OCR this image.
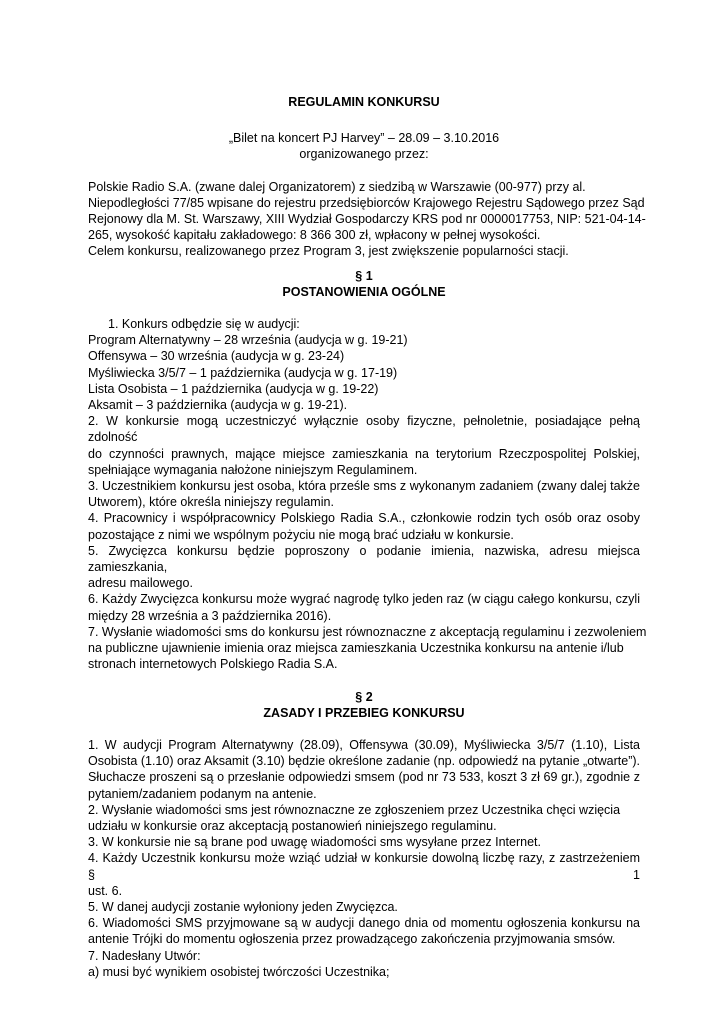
REGULAMIN KONKURSU
„Bilet na koncert PJ Harvey” – 28.09 – 3.10.2016
organizowanego przez:
Polskie Radio S.A. (zwane dalej Organizatorem) z siedzibą w Warszawie (00-977) przy al.
Niepodległości 77/85 wpisane do rejestru przedsiębiorców Krajowego Rejestru Sądowego przez Sąd
Rejonowy dla M. St. Warszawy, XIII Wydział Gospodarczy KRS pod nr 0000017753, NIP: 521-04-14-
265, wysokość kapitału zakładowego: 8 366 300 zł, wpłacony w pełnej wysokości.
Celem konkursu, realizowanego przez Program 3, jest zwiększenie popularności stacji.
§ 1
POSTANOWIENIA OGÓLNE
1. Konkurs odbędzie się w audycji:
Program Alternatywny – 28 września (audycja w g. 19-21)
Offensywa – 30 września (audycja w g. 23-24)
Myśliwiecka 3/5/7 – 1 października (audycja w g. 17-19)
Lista Osobista – 1 października (audycja w g. 19-22)
Aksamit – 3 października (audycja w g. 19-21).
2. W konkursie mogą uczestniczyć wyłącznie osoby fizyczne, pełnoletnie, posiadające pełną zdolność
do czynności prawnych, mające miejsce zamieszkania na terytorium Rzeczpospolitej Polskiej,
spełniające wymagania nałożone niniejszym Regulaminem.
3. Uczestnikiem konkursu jest osoba, która prześle sms z wykonanym zadaniem (zwany dalej także
Utworem), które określa niniejszy regulamin.
4. Pracownicy i współpracownicy Polskiego Radia S.A., członkowie rodzin tych osób oraz osoby
pozostające z nimi we wspólnym pożyciu nie mogą brać udziału w konkursie.
5. Zwycięzca konkursu będzie poproszony o podanie imienia, nazwiska, adresu miejsca zamieszkania,
adresu mailowego.
6. Każdy Zwycięzca konkursu może wygrać nagrodę tylko jeden raz (w ciągu całego konkursu, czyli
między 28 września a 3 października 2016).
7. Wysłanie wiadomości sms do konkursu jest równoznaczne z akceptacją regulaminu i zezwoleniem
na publiczne ujawnienie imienia oraz miejsca zamieszkania Uczestnika konkursu na antenie i/lub
stronach internetowych Polskiego Radia S.A.
§ 2
ZASADY I PRZEBIEG KONKURSU
1. W audycji Program Alternatywny (28.09), Offensywa (30.09), Myśliwiecka 3/5/7 (1.10), Lista
Osobista (1.10) oraz Aksamit (3.10) będzie określone zadanie (np. odpowiedź na pytanie „otwarte”).
Słuchacze proszeni są o przesłanie odpowiedzi smsem (pod nr 73 533, koszt 3 zł 69 gr.), zgodnie z
pytaniem/zadaniem podanym na antenie.
2. Wysłanie wiadomości sms jest równoznaczne ze zgłoszeniem przez Uczestnika chęci wzięcia
udziału w konkursie oraz akceptacją postanowień niniejszego regulaminu.
3. W konkursie nie są brane pod uwagę wiadomości sms wysyłane przez Internet.
4. Każdy Uczestnik konkursu może wziąć udział w konkursie dowolną liczbę razy, z zastrzeżeniem § 1
ust. 6.
5. W danej audycji zostanie wyłoniony jeden Zwycięzca.
6. Wiadomości SMS przyjmowane są w audycji danego dnia od momentu ogłoszenia konkursu na
antenie Trójki do momentu ogłoszenia przez prowadzącego zakończenia przyjmowania smsów.
7. Nadesłany Utwór:
a) musi być wynikiem osobistej twórczości Uczestnika;
